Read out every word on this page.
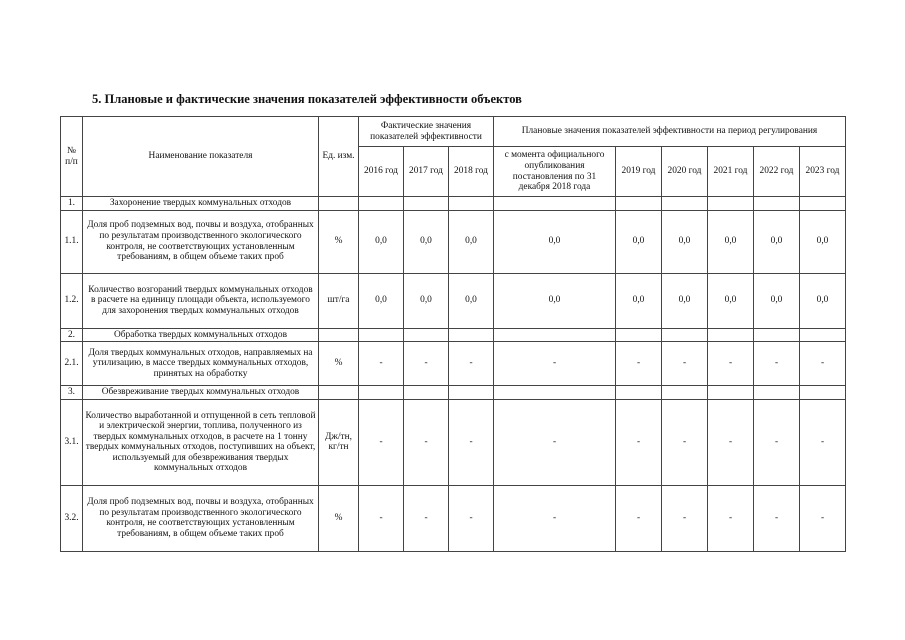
5. Плановые и фактические значения показателей эффективности объектов
№
п/п	Наименование показателя	Ед. изм.	Фактические значения показателей эффективности			Плановые значения показателей эффективности на период регулирования					
			2016 год	2017 год	2018 год	с момента официального опубликования постановления по 31 декабря 2018 года	2019 год	2020 год	2021 год	2022 год	2023 год
1.	Захоронение твердых коммунальных отходов										
1.1.	Доля проб подземных вод, почвы и воздуха, отобранных по результатам производственного экологического контроля, не соответствующих установленным требованиям, в общем объеме таких проб	%	0,0	0,0	0,0	0,0	0,0	0,0	0,0	0,0	0,0
1.2.	Количество возгораний твердых коммунальных отходов в расчете на единицу площади объекта, используемого для захоронения твердых коммунальных отходов	шт/га	0,0	0,0	0,0	0,0	0,0	0,0	0,0	0,0	0,0
2.	Обработка твердых коммунальных отходов										
2.1.	Доля твердых коммунальных отходов, направляемых на утилизацию, в массе твердых коммунальных отходов, принятых на обработку	%	-	-	-	-	-	-	-	-	-
3.	Обезвреживание твердых коммунальных отходов										
3.1.	Количество выработанной и отпущенной в сеть тепловой и электрической энергии, топлива, полученного из твердых коммунальных отходов, в расчете на 1 тонну твердых коммунальных отходов, поступивших на объект, используемый для обезвреживания твердых коммунальных отходов	Дж/тн, кг/тн	-	-	-	-	-	-	-	-	-
3.2.	Доля проб подземных вод, почвы и воздуха, отобранных по результатам производственного экологического контроля, не соответствующих установленным требованиям, в общем объеме таких проб	%	-	-	-	-	-	-	-	-	-
